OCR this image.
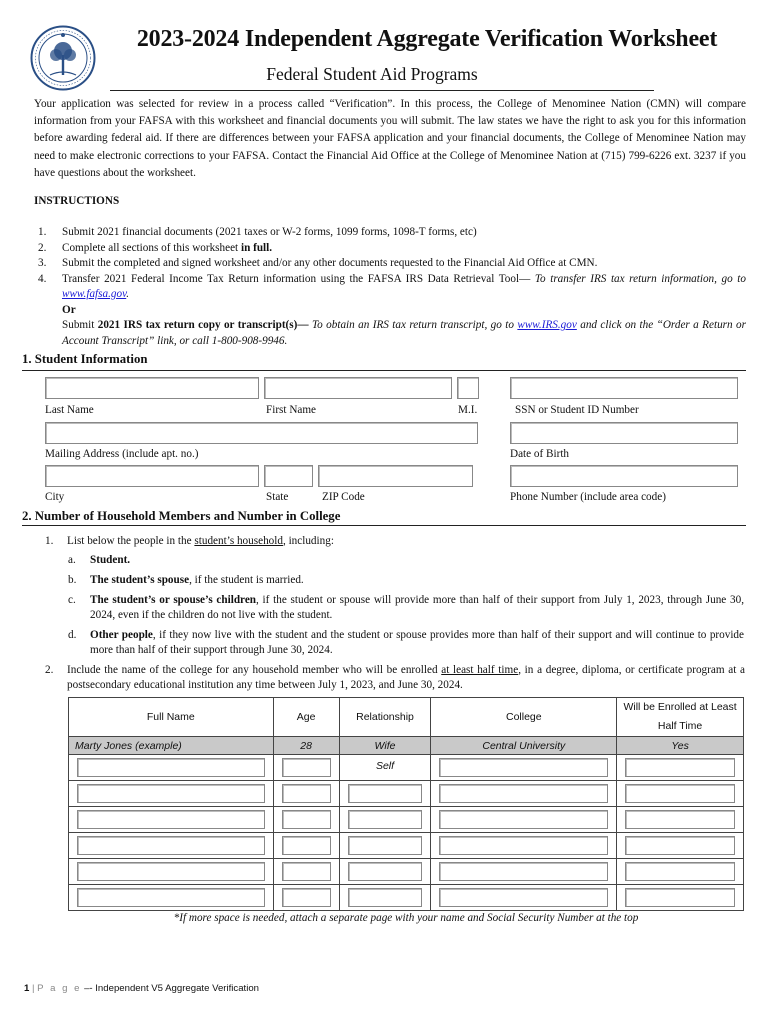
2023-2024 Independent Aggregate Verification Worksheet
Federal Student Aid Programs
Your application was selected for review in a process called “Verification”. In this process, the College of Menominee Nation (CMN) will compare information from your FAFSA with this worksheet and financial documents you will submit. The law states we have the right to ask you for this information before awarding federal aid. If there are differences between your FAFSA application and your financial documents, the College of Menominee Nation may need to make electronic corrections to your FAFSA. Contact the Financial Aid Office at the College of Menominee Nation at (715) 799-6226 ext. 3237 if you have questions about the worksheet.
INSTRUCTIONS
1.	Submit 2021 financial documents (2021 taxes or W-2 forms, 1099 forms, 1098-T forms, etc)
2.	Complete all sections of this worksheet in full.
3.	Submit the completed and signed worksheet and/or any other documents requested to the Financial Aid Office at CMN.
4.	Transfer 2021 Federal Income Tax Return information using the FAFSA IRS Data Retrieval Tool— To transfer IRS tax return information, go to www.fafsa.gov.
Or
Submit 2021 IRS tax return copy or transcript(s)— To obtain an IRS tax return transcript, go to www.IRS.gov and click on the “Order a Return or Account Transcript” link, or call 1-800-908-9946.
1. Student Information
Last Name	First Name	M.I.	SSN or Student ID Number
Mailing Address (include apt. no.)	Date of Birth
City	State	ZIP Code	Phone Number (include area code)
2. Number of Household Members and Number in College
1.	List below the people in the student’s household, including:
a.	Student.
b.	The student’s spouse, if the student is married.
c.	The student’s or spouse’s children, if the student or spouse will provide more than half of their support from July 1, 2023, through June 30, 2024, even if the children do not live with the student.
d.	Other people, if they now live with the student and the student or spouse provides more than half of their support and will continue to provide more than half of their support through June 30, 2024.
2.	Include the name of the college for any household member who will be enrolled at least half time, in a degree, diploma, or certificate program at a postsecondary educational institution any time between July 1, 2023, and June 30, 2024.
Full Name	Age	Relationship	College	Will be Enrolled at Least Half Time
Marty Jones (example)	28	Wife	Central University	Yes

		Self		

*If more space is needed, attach a separate page with your name and Social Security Number at the top
1 | P a g e –- Independent V5 Aggregate Verification
